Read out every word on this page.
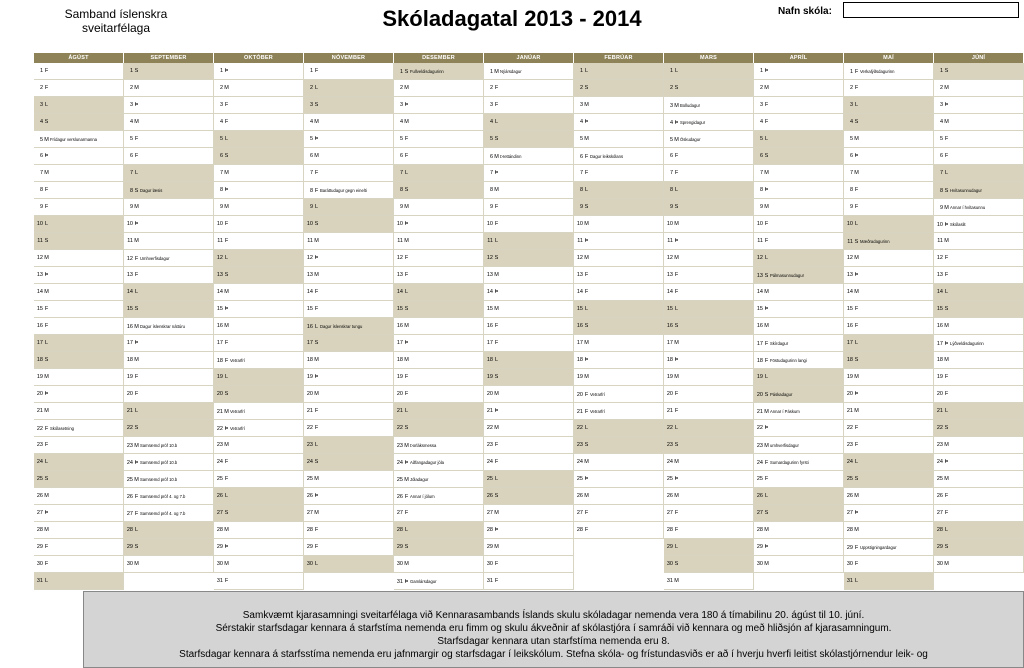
Samband íslenskra
sveitarfélaga	Skóladagatal 2013 - 2014	Nafn skóla:
ÁGÚST
1 F
2 F
3 L
4 S
5MFrídagur verslunarmanna
6 Þ
7M
8 F
9 F
10 L
11 S
12M
13 Þ
14M
15 F
16 F
17 L
18 S
19M
20 Þ
21M
22 F Skólasetning
23 F
24 L
25 S
26M
27 Þ
28M
29 F
30 F
31 L
SEPTEMBER
1 S
2M
3 Þ
4M
5 F
6 F
7 L
8 S Dagur læsis
9M
10 Þ
11M
12 F Umhverfisdagur
13 F
14 L
15 S
16MDagur íslenskrar náttúru
17 Þ
18M
19 F
20 F
21 L
22 S
23MSamræmd próf 10.b
24 Þ Samræmd próf 10.b
25MSamræmd próf 10.b
26 F Samræmd próf 4. og 7.b
27 F Samræmd próf 4. og 7.b
28 L
29 S
30M
OKTÓBER
1 Þ
2M
3 F
4 F
5 L
6 S
7M
8 Þ
9M
10 F
11 F
12 L
13 S
14M
15 Þ
16M
17 F
18 F Vetrarfrí
19 L
20 S
21MVetrarfrí
22 Þ Vetrarfrí
23M
24 F
25 F
26 L
27 S
28M
29 Þ
30M
31 F
NÓVEMBER
1 F
2 L
3 S
4M
5 Þ
6M
7 F
8 F Baráttudagur gegn einelti
9 L
10 S
11M
12 Þ
13M
14 F
15 F
16 L Dagur íslenskrar tungu
17 S
18M
19 Þ
20M
21 F
22 F
23 L
24 S
25M
26 Þ
27M
28 F
29 F
30 L
DESEMBER
1 S Fullveldisdagurinn
2M
3 Þ
4M
5 F
6 F
7 L
8 S
9M
10 Þ
11M
12 F
13 F
14 L
15 S
16M
17 Þ
18M
19 F
20 F
21 L
22 S
23MÞorláksmessa
24 Þ Aðfangadagur jóla
25MJóladagur
26 F Annar í jólum
27 F
28 L
29 S
30M
31 Þ Gamlársdagur
JANÚAR
1MNýársdagur
2 F
3 F
4 L
5 S
6MÞrettándinn
7 Þ
8M
9 F
10 F
11 L
12 S
13M
14 Þ
15M
16 F
17 F
18 L
19 S
20M
21 Þ
22M
23 F
24 F
25 L
26 S
27M
28 Þ
29M
30 F
31 F
FEBRÚAR
1 L
2 S
3M
4 Þ
5M
6 F Dagur leikskólans
7 F
8 L
9 S
10M
11 Þ
12M
13 F
14 F
15 L
16 S
17M
18 Þ
19M
20 F Vetrarfrí
21 F Vetrarfrí
22 L
23 S
24M
25 Þ
26M
27 F
28 F
MARS
1 L
2 S
3MBolludagur
4 Þ Sprengidagur
5MÖskudagur
6 F
7 F
8 L
9 S
10M
11 Þ
12M
13 F
14 F
15 L
16 S
17M
18 Þ
19M
20 F
21 F
22 L
23 S
24M
25 Þ
26M
27 F
28 F
29 L
30 S
31M
APRÍL
1 Þ
2M
3 F
4 F
5 L
6 S
7M
8 Þ
9M
10 F
11 F
12 L
13 S Pálmasunnudagur
14M
15 Þ
16M
17 F Skírdagur
18 F Föstudagurinn langi
19 L
20 S Páskadagur
21MAnnar í Páskum
22 Þ
23Mumhverfisdagur
24 F Sumardagurinn fyrsti
25 F
26 L
27 S
28M
29 Þ
30M
MAÍ
1 F Verkalýðsdagurinn
2 F
3 L
4 S
5M
6 Þ
7M
8 F
9 F
10 L
11 S Mæðradagurinn
12M
13 Þ
14M
15 F
16 F
17 L
18 S
19M
20 Þ
21M
22 F
23 F
24 L
25 S
26M
27 Þ
28M
29 F Uppstigningardagur
30 F
31 L
JÚNÍ
1 S
2M
3 Þ
4M
5 F
6 F
7 L
8 S Hvítasunnudagur
9MAnnar í hvítasunnu
10 Þ Skólaslit
11M
12 F
13 F
14 L
15 S
16M
17 Þ Lýðveldisdagurinn
18M
19 F
20 F
21 L
22 S
23M
24 Þ
25M
26 F
27 F
28 L
29 S
30M
Samkvæmt kjarasamningi sveitarfélaga við Kennarasambands Íslands skulu skóladagar nemenda vera 180 á tímabilinu 20. ágúst til 10. júní.
Sérstakir starfsdagar kennara á starfstíma nemenda eru fimm og skulu ákveðnir af skólastjóra í samráði við kennara og með hliðsjón af kjarasamningum.
Starfsdagar kennara utan starfstíma nemenda eru 8.
Starfsdagar kennara á starfsstíma nemenda eru jafnmargir og starfsdagar í leikskólum. Stefna skóla- og frístundasviðs er að í hverju hverfi leitist skólastjórnendur leik- og
